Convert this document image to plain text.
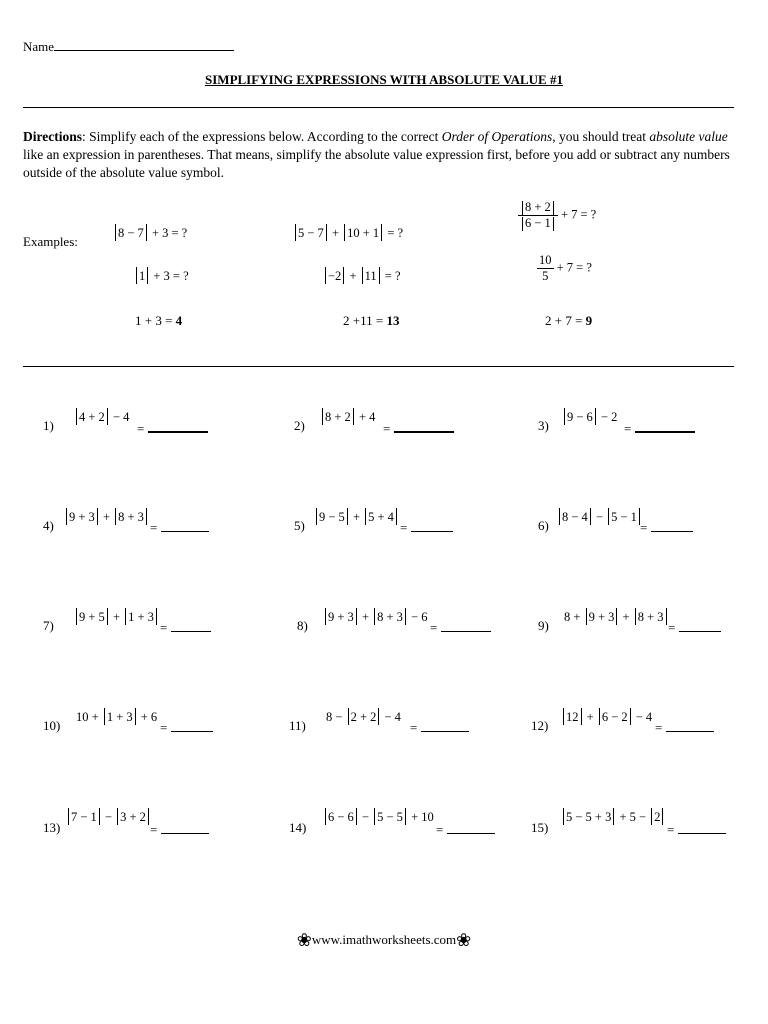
Name
SIMPLIFYING EXPRESSIONS WITH ABSOLUTE VALUE #1
Directions: Simplify each of the expressions below. According to the correct Order of Operations, you should treat absolute value like an expression in parentheses. That means, simplify the absolute value expression first, before you add or subtract any numbers outside of the absolute value symbol.
Examples:
8 − 7 + 3 = ?
1 + 3 = ?
1 + 3 = 4
5 − 7 + 10 + 1 = ?
−2 + 11 = ?
2 +11 = 13
$\frac{8 + 2}{6 - 1} + 7$ = ?
$\frac{10}{5} + 7$ = ?
2 + 7 = 9
1)
4 + 2 − 4
=	2)
8 + 2 + 4
=	3)
9 − 6 − 2
=
4)
9 + 3 + 8 + 3
=	5)
9 − 5 + 5 + 4
=	6)
8 − 4 − 5 − 1
=
7)
9 + 5 + 1 + 3
=	8)
9 + 3 + 8 + 3 − 6
=	9)
8 + 9 + 3 + 8 + 3
=
10)
10 + 1 + 3 + 6
=	11)
8 − 2 + 2 − 4
=	12)
12 + 6 − 2 − 4
=
13)
7 − 1 − 3 + 2
=	14)
6 − 6 − 5 − 5 + 10
=	15)
5 − 5 + 3 + 5 − 2
=
❀www.imathworksheets.com❀
